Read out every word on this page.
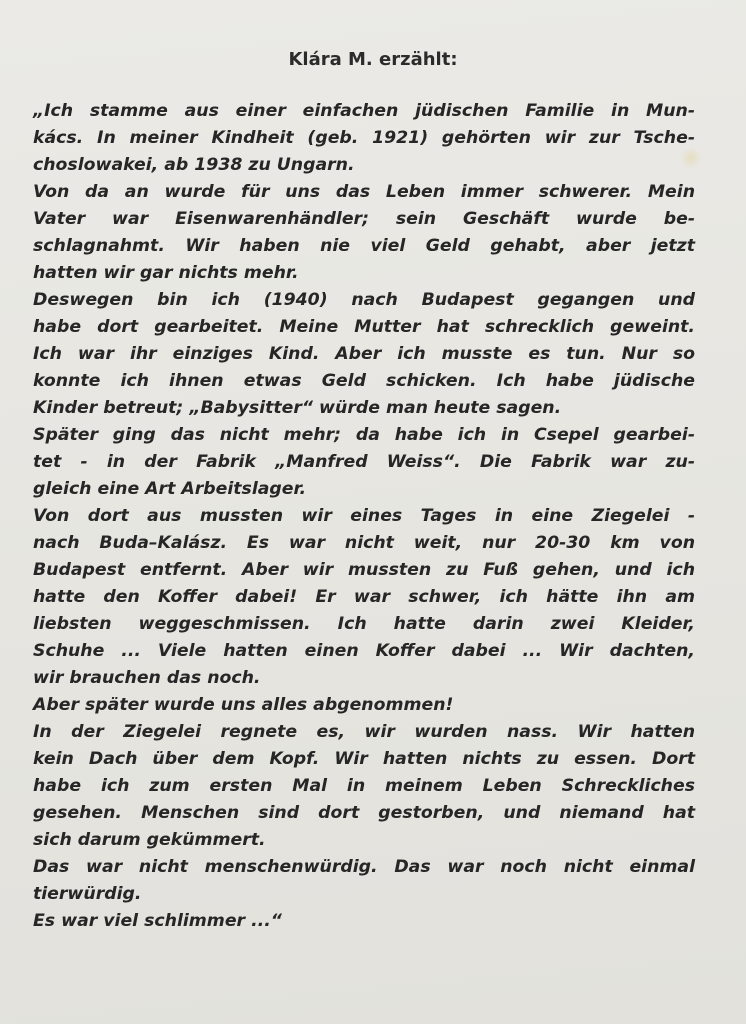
Klára M. erzählt:
„Ich stamme aus einer einfachen jüdischen Familie in Mun-
kács. In meiner Kindheit (geb. 1921) gehörten wir zur Tsche-
choslowakei, ab 1938 zu Ungarn.
Von da an wurde für uns das Leben immer schwerer. Mein
Vater war Eisenwarenhändler; sein Geschäft wurde be-
schlagnahmt. Wir haben nie viel Geld gehabt, aber jetzt
hatten wir gar nichts mehr.
Deswegen bin ich (1940) nach Budapest gegangen und
habe dort gearbeitet. Meine Mutter hat schrecklich geweint.
Ich war ihr einziges Kind. Aber ich musste es tun. Nur so
konnte ich ihnen etwas Geld schicken. Ich habe jüdische
Kinder betreut; „Babysitter“ würde man heute sagen.
Später ging das nicht mehr; da habe ich in Csepel gearbei-
tet - in der Fabrik „Manfred Weiss“. Die Fabrik war zu-
gleich eine Art Arbeitslager.
Von dort aus mussten wir eines Tages in eine Ziegelei -
nach Buda–Kalász. Es war nicht weit, nur 20-30 km von
Budapest entfernt. Aber wir mussten zu Fuß gehen, und ich
hatte den Koffer dabei! Er war schwer, ich hätte ihn am
liebsten weggeschmissen. Ich hatte darin zwei Kleider,
Schuhe ... Viele hatten einen Koffer dabei ... Wir dachten,
wir brauchen das noch.
Aber später wurde uns alles abgenommen!
In der Ziegelei regnete es, wir wurden nass. Wir hatten
kein Dach über dem Kopf. Wir hatten nichts zu essen. Dort
habe ich zum ersten Mal in meinem Leben Schreckliches
gesehen. Menschen sind dort gestorben, und niemand hat
sich darum gekümmert.
Das war nicht menschenwürdig. Das war noch nicht einmal
tierwürdig.
Es war viel schlimmer ...“
